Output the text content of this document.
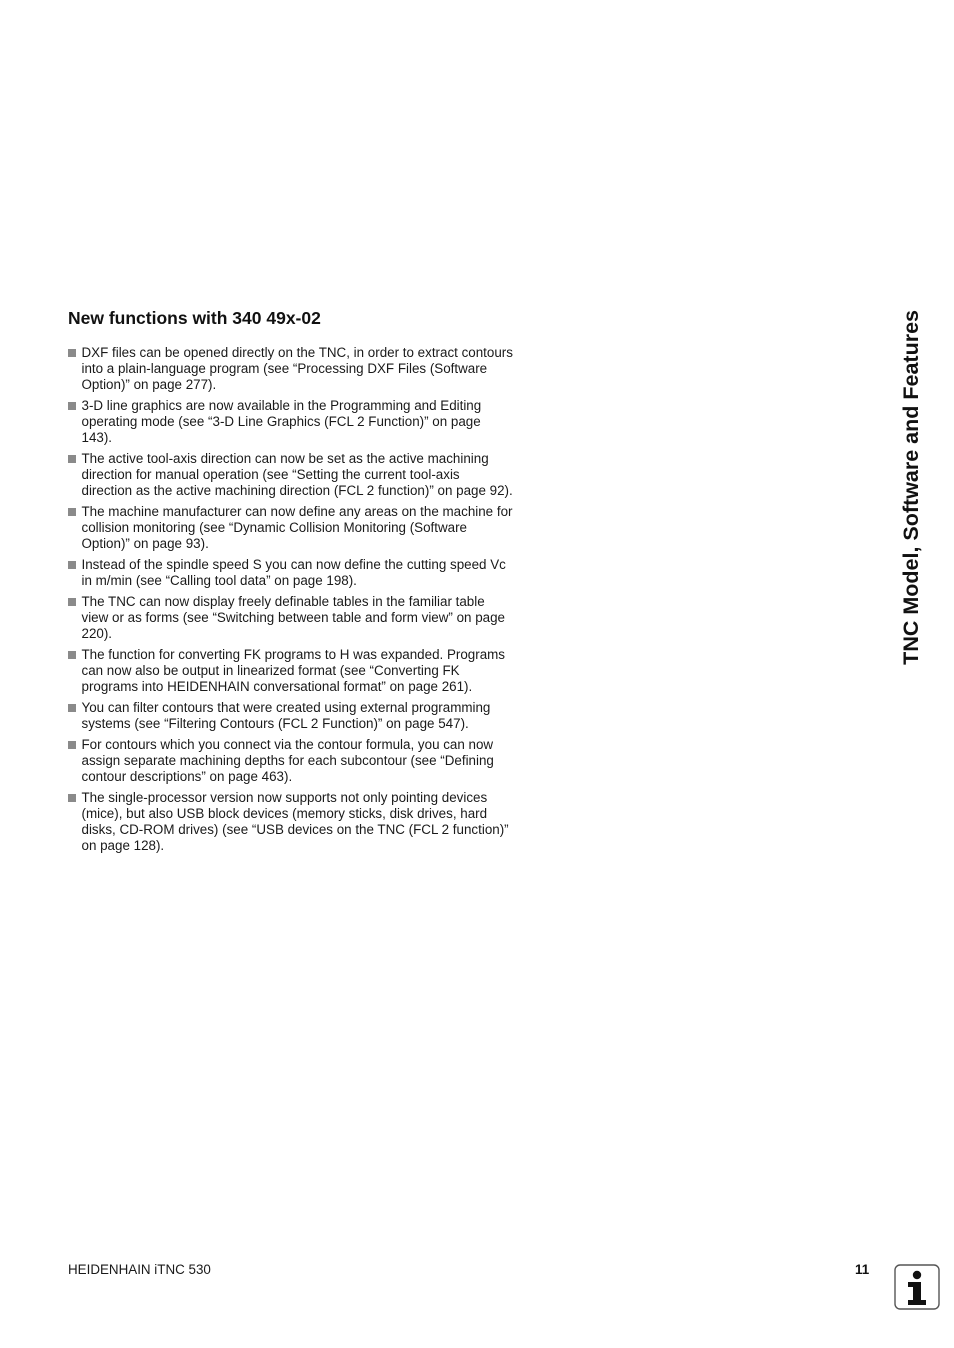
New functions with 340 49x-02
DXF files can be opened directly on the TNC, in order to extract contours into a plain-language program (see “Processing DXF Files (Software Option)” on page 277).
3-D line graphics are now available in the Programming and Editing operating mode (see “3-D Line Graphics (FCL 2 Function)” on page 143).
The active tool-axis direction can now be set as the active machining direction for manual operation (see “Setting the current tool-axis direction as the active machining direction (FCL 2 function)” on page 92).
The machine manufacturer can now define any areas on the machine for collision monitoring (see “Dynamic Collision Monitoring (Software Option)” on page 93).
Instead of the spindle speed S you can now define the cutting speed Vc in m/min (see “Calling tool data” on page 198).
The TNC can now display freely definable tables in the familiar table view or as forms (see “Switching between table and form view” on page 220).
The function for converting FK programs to H was expanded. Programs can now also be output in linearized format (see “Converting FK programs into HEIDENHAIN conversational format” on page 261).
You can filter contours that were created using external programming systems (see “Filtering Contours (FCL 2 Function)” on page 547).
For contours which you connect via the contour formula, you can now assign separate machining depths for each subcontour (see “Defining contour descriptions” on page 463).
The single-processor version now supports not only pointing devices (mice), but also USB block devices (memory sticks, disk drives, hard disks, CD-ROM drives) (see “USB devices on the TNC (FCL 2 function)” on page 128).
TNC Model, Software and Features
HEIDENHAIN iTNC 530	11
